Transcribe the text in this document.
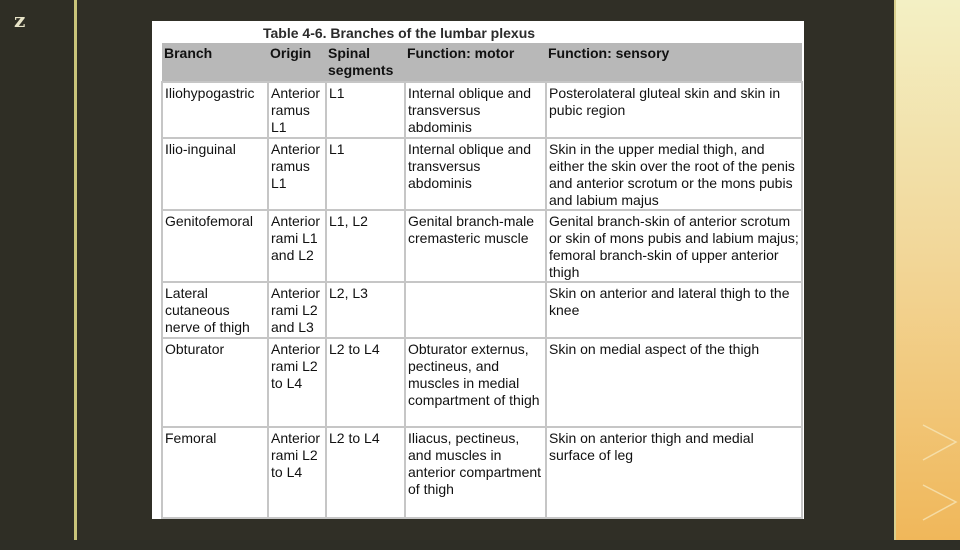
z
Table 4-6. Branches of the lumbar plexus
Branch	Origin	Spinal segments	Function: motor	Function: sensory
Iliohypogastric	Anterior ramus L1	L1	Internal oblique and transversus abdominis	Posterolateral gluteal skin and skin in pubic region
Ilio-inguinal	Anterior ramus L1	L1	Internal oblique and transversus abdominis	Skin in the upper medial thigh, and either the skin over the root of the penis and anterior scrotum or the mons pubis and labium majus
Genitofemoral	Anterior rami L1 and L2	L1, L2	Genital branch-male cremasteric muscle	Genital branch-skin of anterior scrotum or skin of mons pubis and labium majus; femoral branch-skin of upper anterior thigh
Lateral cutaneous nerve of thigh	Anterior rami L2 and L3	L2, L3		Skin on anterior and lateral thigh to the knee
Obturator	Anterior rami L2 to L4	L2 to L4	Obturator externus, pectineus, and muscles in medial compartment of thigh	Skin on medial aspect of the thigh
Femoral	Anterior rami L2 to L4	L2 to L4	Iliacus, pectineus, and muscles in anterior compartment of thigh	Skin on anterior thigh and medial surface of leg
